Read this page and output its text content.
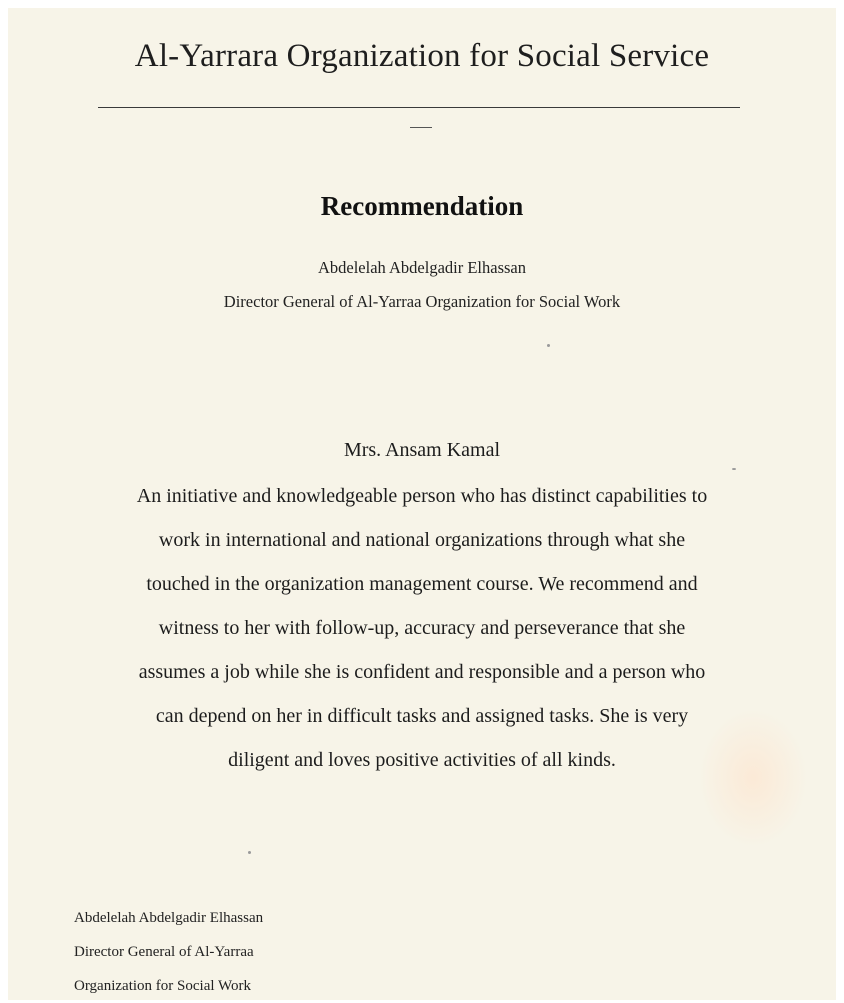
Al-Yarrara Organization for Social Service
Recommendation
Abdelelah Abdelgadir Elhassan
Director General of Al-Yarraa Organization for Social Work
Mrs. Ansam Kamal
An initiative and knowledgeable person who has distinct capabilities to
work in international and national organizations through what she
touched in the organization management course. We recommend and
witness to her with follow-up, accuracy and perseverance that she
assumes a job while she is confident and responsible and a person who
can depend on her in difficult tasks and assigned tasks. She is very
diligent and loves positive activities of all kinds.
Abdelelah Abdelgadir Elhassan
Director General of Al-Yarraa
Organization for Social Work
